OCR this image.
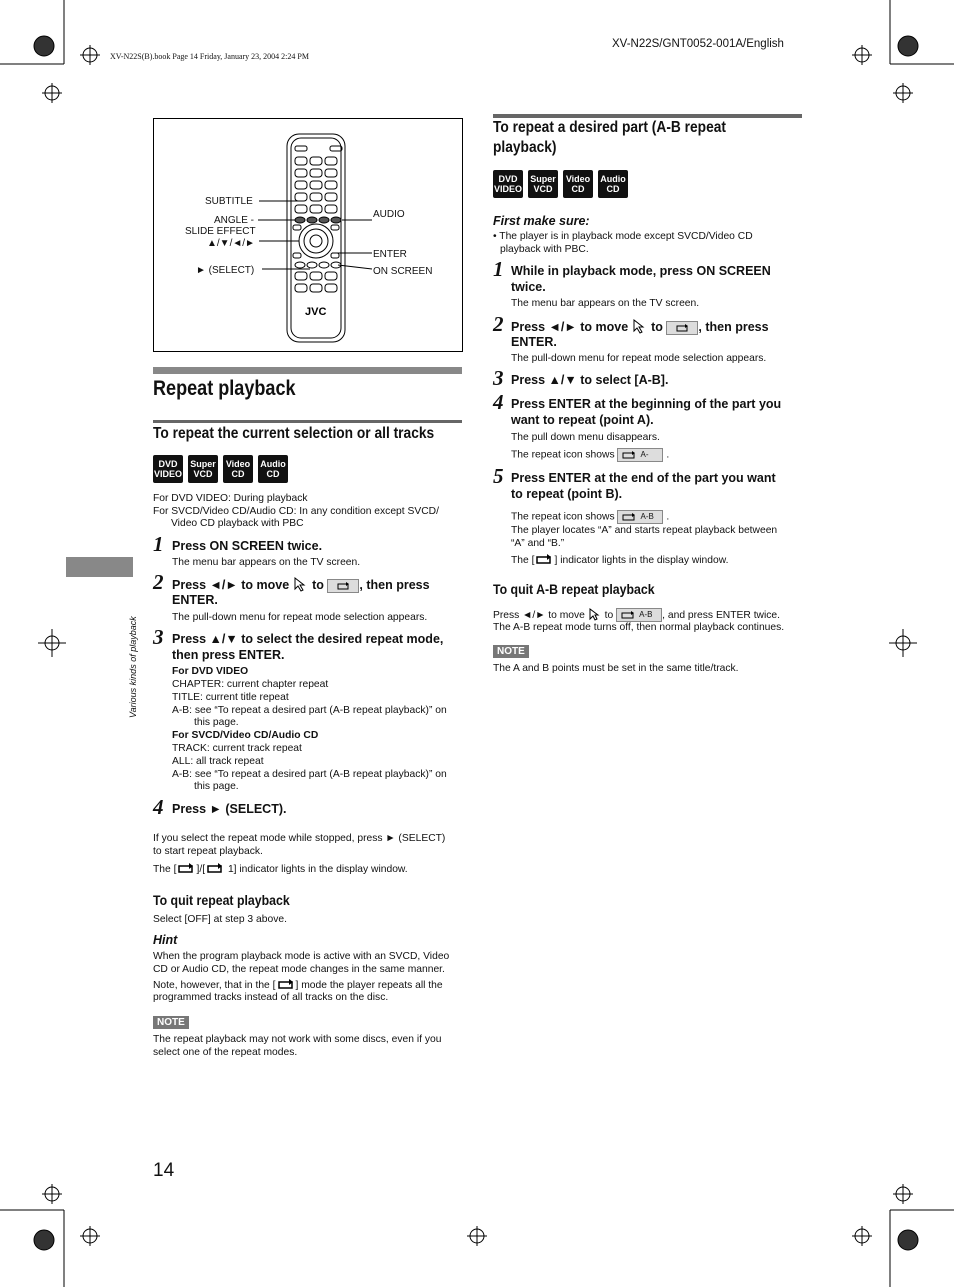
XV-N22S/GNT0052-001A/English
XV-N22S(B).book Page 14 Friday, January 23, 2004 2:24 PM
Various kinds of playback
JVC
SUBTITLE
ANGLE -
SLIDE EFFECT
▲/▼/◄/►
► (SELECT)
AUDIO
ENTER
ON SCREEN
Repeat playback
To repeat the current selection or all tracks
DVD
VIDEO
Super
VCD
Video
CD
Audio
CD
For DVD VIDEO: During playback
For SVCD/Video CD/Audio CD: In any condition except SVCD/
Video CD playback with PBC
1 Press ON SCREEN twice.
The menu bar appears on the TV screen.
2 Press ◄/► to move to	, then press
ENTER.
The pull-down menu for repeat mode selection appears.
3 Press ▲/▼ to select the desired repeat mode,
then press ENTER.
For DVD VIDEO
CHAPTER: current chapter repeat
TITLE: current title repeat
A-B: see “To repeat a desired part (A-B repeat playback)” on
this page.
For SVCD/Video CD/Audio CD
TRACK: current track repeat
ALL: all track repeat
A-B: see “To repeat a desired part (A-B repeat playback)” on
this page.
4 Press ► (SELECT).
If you select the repeat mode while stopped, press ► (SELECT)
to start repeat playback.
The [ ]/[ 1] indicator lights in the display window.
To quit repeat playback
Select [OFF] at step 3 above.
Hint
When the program playback mode is active with an SVCD, Video
CD or Audio CD, the repeat mode changes in the same manner.
Note, however, that in the [ ] mode the player repeats all the
programmed tracks instead of all tracks on the disc.
NOTE
The repeat playback may not work with some discs, even if you
select one of the repeat modes.
14
To repeat a desired part (A-B repeat
playback)
DVD
VIDEO
Super
VCD
Video
CD
Audio
CD
First make sure:
• The player is in playback mode except SVCD/Video CD
playback with PBC.
1 While in playback mode, press ON SCREEN
twice.
The menu bar appears on the TV screen.
2 Press ◄/► to move to	, then press
ENTER.
The pull-down menu for repeat mode selection appears.
3 Press ▲/▼ to select [A-B].
4 Press ENTER at the beginning of the part you
want to repeat (point A).
The pull down menu disappears.
The repeat icon shows	A- .
5 Press ENTER at the end of the part you want
to repeat (point B).
The repeat icon shows	A-B .
The player locates “A” and starts repeat playback between
“A” and “B.”
The [ ] indicator lights in the display window.
To quit A-B repeat playback
Press ◄/► to move to	A-B , and press ENTER twice.
The A-B repeat mode turns off, then normal playback continues.
NOTE
The A and B points must be set in the same title/track.
